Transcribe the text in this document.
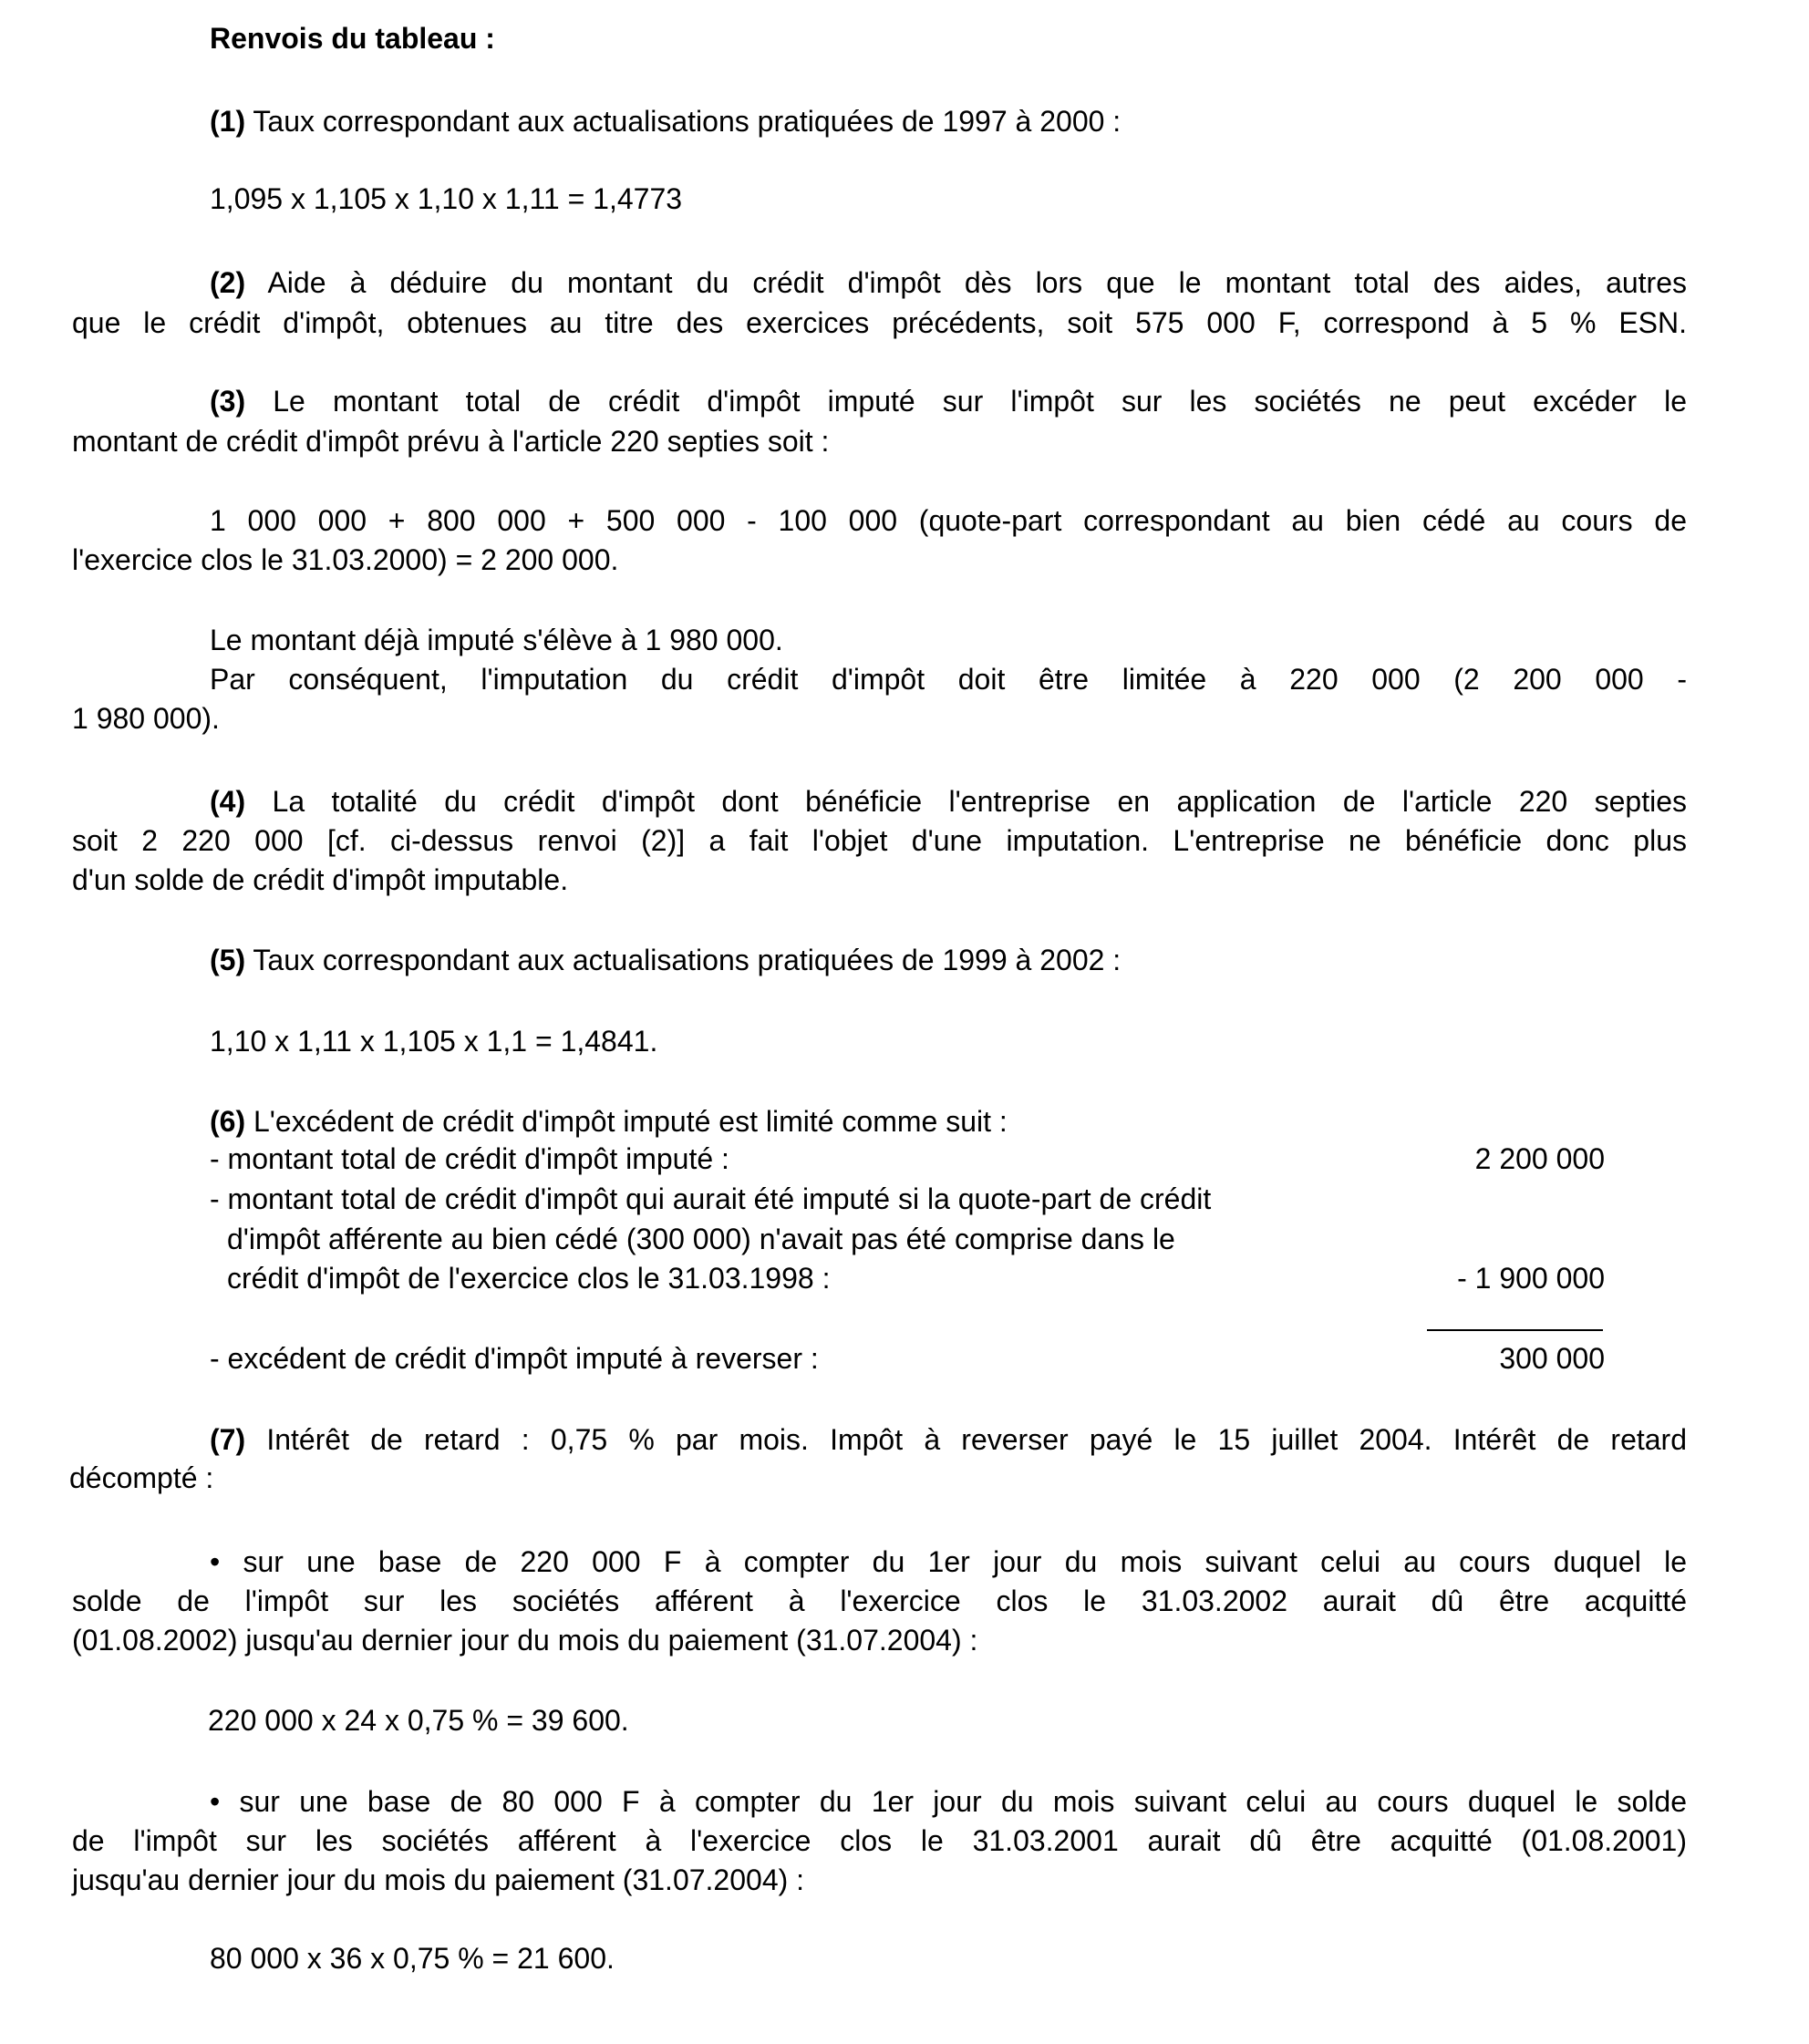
Renvois du tableau :
(1) Taux correspondant aux actualisations pratiquées de 1997 à 2000 :
1,095 x 1,105 x 1,10 x 1,11 = 1,4773
(2) Aide à déduire du montant du crédit d'impôt dès lors que le montant total des aides, autres
que le crédit d'impôt, obtenues au titre des exercices précédents, soit 575 000 F, correspond à 5 % ESN.
(3) Le montant total de crédit d'impôt imputé sur l'impôt sur les sociétés ne peut excéder le
montant de crédit d'impôt prévu à l'article 220 septies soit :
1 000 000 + 800 000 + 500 000 - 100 000 (quote-part correspondant au bien cédé au cours de
l'exercice clos le 31.03.2000) = 2 200 000.
Le montant déjà imputé s'élève à 1 980 000.
Par conséquent, l'imputation du crédit d'impôt doit être limitée à 220 000 (2 200 000 -
1 980 000).
(4) La totalité du crédit d'impôt dont bénéficie l'entreprise en application de l'article 220 septies
soit 2 220 000 [cf. ci-dessus renvoi (2)] a fait l'objet d'une imputation. L'entreprise ne bénéficie donc plus
d'un solde de crédit d'impôt imputable.
(5) Taux correspondant aux actualisations pratiquées de 1999 à 2002 :
1,10 x 1,11 x 1,105 x 1,1 = 1,4841.
(6) L'excédent de crédit d'impôt imputé est limité comme suit :
- montant total de crédit d'impôt imputé :	2 200 000
- montant total de crédit d'impôt qui aurait été imputé si la quote-part de crédit
d'impôt afférente au bien cédé (300 000) n'avait pas été comprise dans le
crédit d'impôt de l'exercice clos le 31.03.1998 :	- 1 900 000
- excédent de crédit d'impôt imputé à reverser :	300 000
(7) Intérêt de retard : 0,75 % par mois. Impôt à reverser payé le 15 juillet 2004. Intérêt de retard
décompté :
• sur une base de 220 000 F à compter du 1er jour du mois suivant celui au cours duquel le
solde de l'impôt sur les sociétés afférent à l'exercice clos le 31.03.2002 aurait dû être acquitté
(01.08.2002) jusqu'au dernier jour du mois du paiement (31.07.2004) :
220 000 x 24 x 0,75 % = 39 600.
• sur une base de 80 000 F à compter du 1er jour du mois suivant celui au cours duquel le solde
de l'impôt sur les sociétés afférent à l'exercice clos le 31.03.2001 aurait dû être acquitté (01.08.2001)
jusqu'au dernier jour du mois du paiement (31.07.2004) :
80 000 x 36 x 0,75 % = 21 600.
